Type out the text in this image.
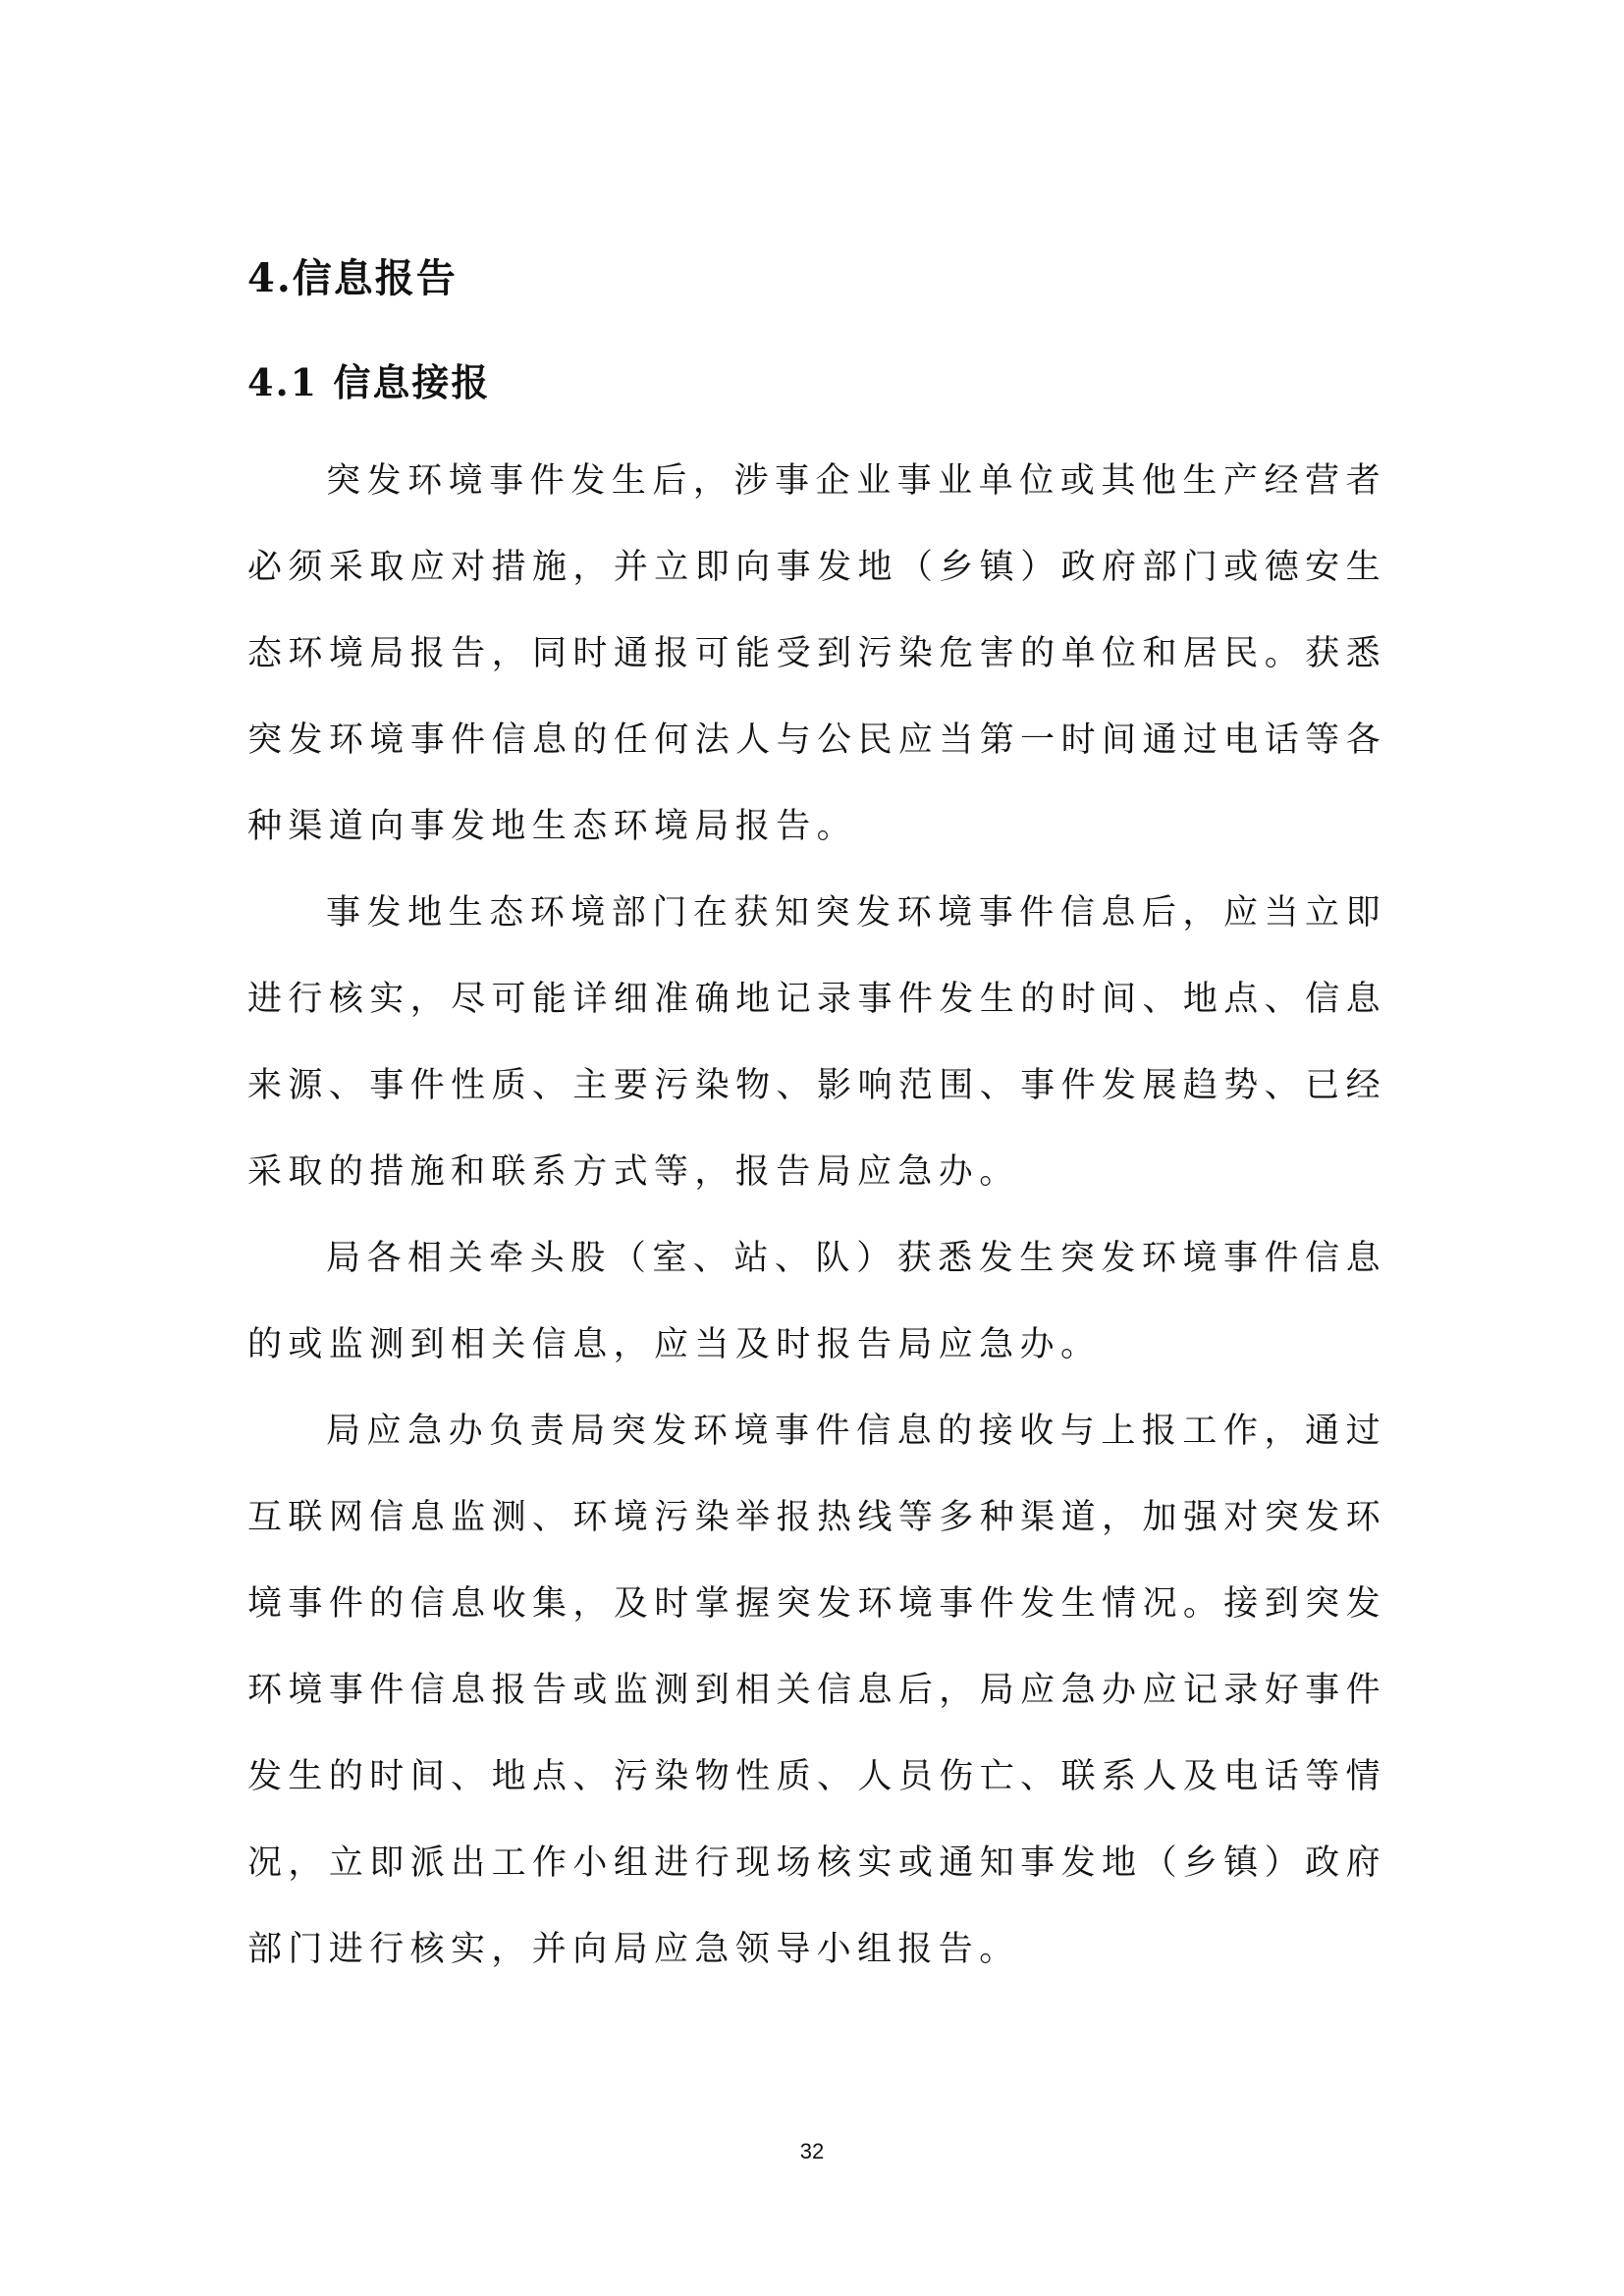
4.信息报告
4.1 信息接报

突发环境事件发生后，涉事企业事业单位或其他生产经营者必须采取应对措施，并立即向事发地（乡镇）政府部门或德安生态环境局报告，同时通报可能受到污染危害的单位和居民。获悉突发环境事件信息的任何法人与公民应当第一时间通过电话等各种渠道向事发地生态环境局报告。

事发地生态环境部门在获知突发环境事件信息后，应当立即进行核实，尽可能详细准确地记录事件发生的时间、地点、信息来源、事件性质、主要污染物、影响范围、事件发展趋势、已经采取的措施和联系方式等，报告局应急办。

局各相关牵头股（室、站、队）获悉发生突发环境事件信息的或监测到相关信息，应当及时报告局应急办。

局应急办负责局突发环境事件信息的接收与上报工作，通过互联网信息监测、环境污染举报热线等多种渠道，加强对突发环境事件的信息收集，及时掌握突发环境事件发生情况。接到突发环境事件信息报告或监测到相关信息后，局应急办应记录好事件发生的时间、地点、污染物性质、人员伤亡、联系人及电话等情况，立即派出工作小组进行现场核实或通知事发地（乡镇）政府部门进行核实，并向局应急领导小组报告。

32
